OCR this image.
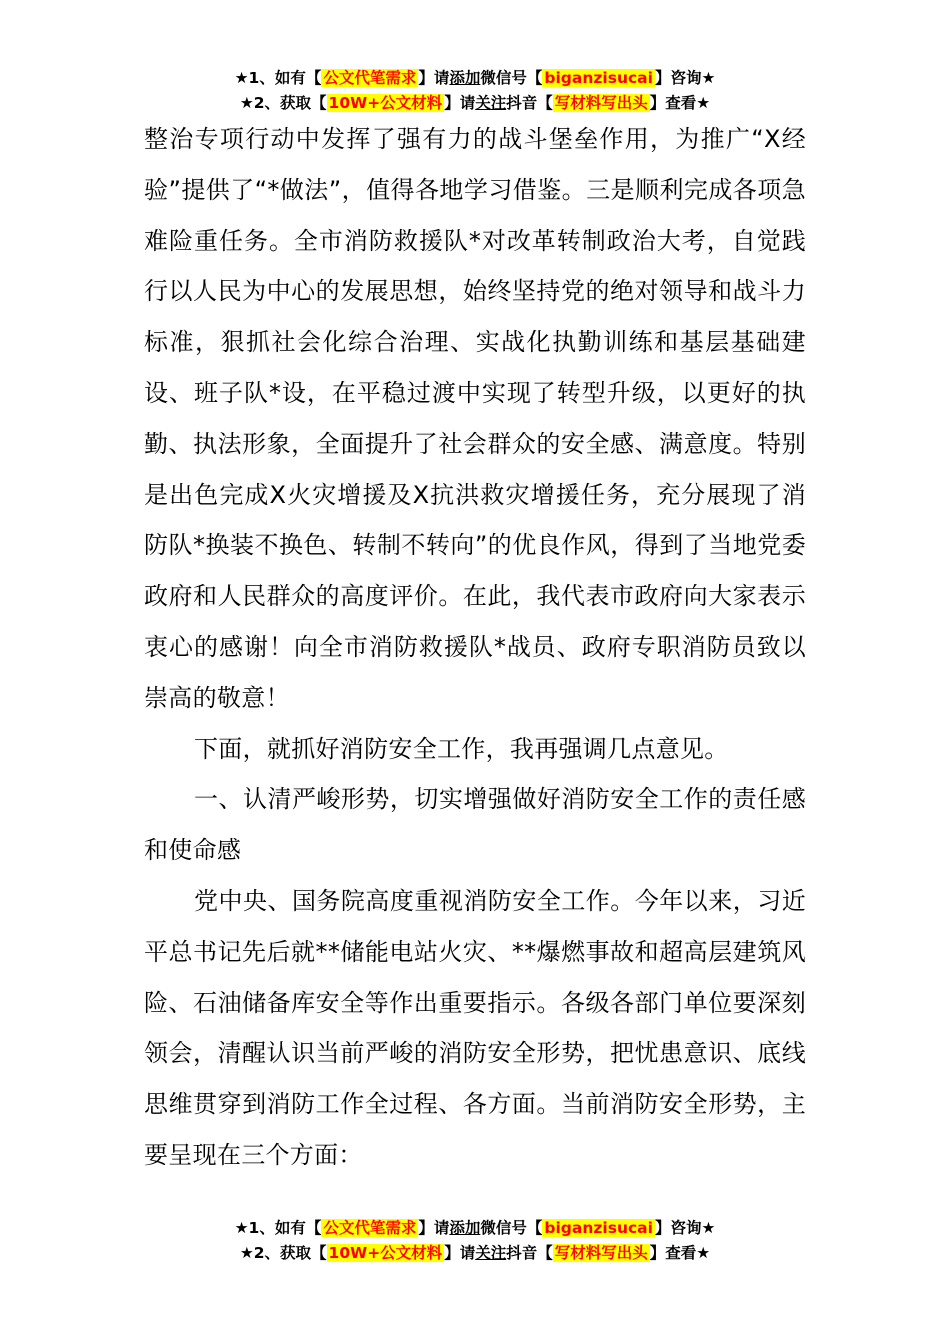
★1、如有【 公文代笔需求 】请添加微信号【 biganzisucai 】咨询★
★2、获取【 10W+公文材料 】请关注抖音【 写材料写出头 】查看★

整治专项行动中发挥了强有力的战斗堡垒作用，为推广“X经验”提供了“*做法”，值得各地学习借鉴。三是顺利完成各项急难险重任务。全市消防救援队*对改革转制政治大考，自觉践行以人民为中心的发展思想，始终坚持党的绝对领导和战斗力标准，狠抓社会化综合治理、实战化执勤训练和基层基础建设、班子队*设，在平稳过渡中实现了转型升级，以更好的执勤、执法形象，全面提升了社会群众的安全感、满意度。特别是出色完成X火灾增援及X抗洪救灾增援任务，充分展现了消防队*换装不换色、转制不转向”的优良作风，得到了当地党委政府和人民群众的高度评价。在此，我代表市政府向大家表示衷心的感谢！向全市消防救援队*战员、政府专职消防员致以崇高的敬意！

下面，就抓好消防安全工作，我再强调几点意见。

一、认清严峻形势，切实增强做好消防安全工作的责任感和使命感

党中央、国务院高度重视消防安全工作。今年以来，习近平总书记先后就**储能电站火灾、**爆燃事故和超高层建筑风险、石油储备库安全等作出重要指示。各级各部门单位要深刻领会，清醒认识当前严峻的消防安全形势，把忧患意识、底线思维贯穿到消防工作全过程、各方面。当前消防安全形势，主要呈现在三个方面：

★1、如有【 公文代笔需求 】请添加微信号【 biganzisucai 】咨询★
★2、获取【 10W+公文材料 】请关注抖音【 写材料写出头 】查看★
